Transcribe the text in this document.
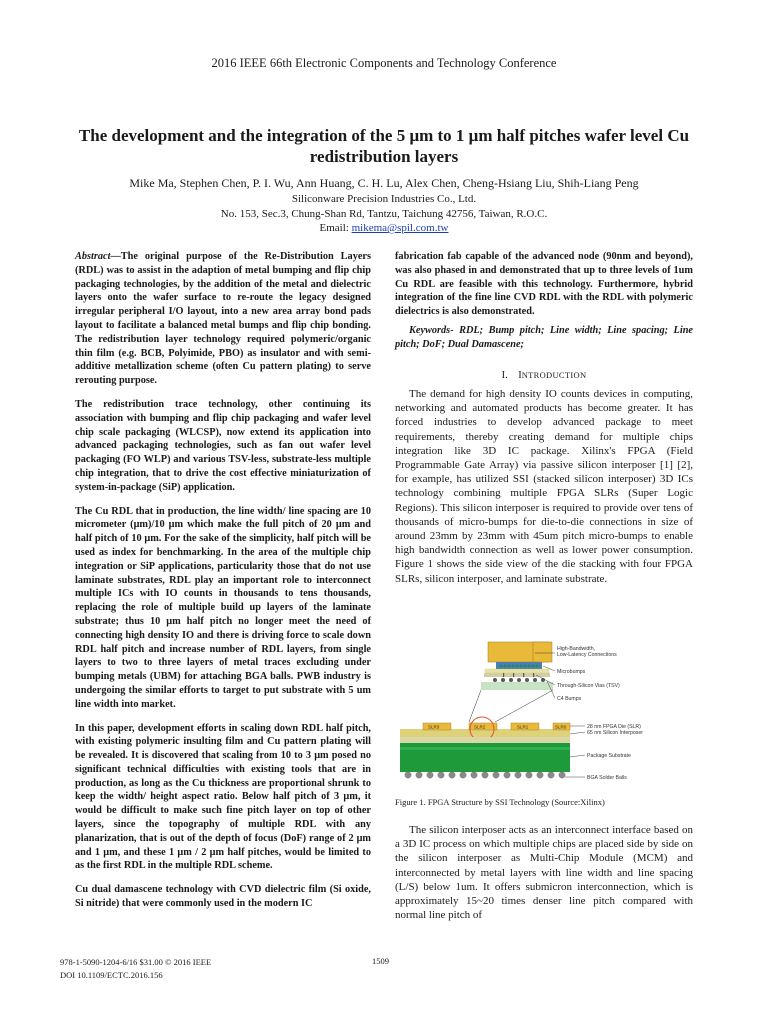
2016 IEEE 66th Electronic Components and Technology Conference
The development and the integration of the 5 μm to 1 μm half pitches wafer level Cu
redistribution layers
Mike Ma, Stephen Chen, P. I. Wu, Ann Huang, C. H. Lu, Alex Chen, Cheng-Hsiang Liu, Shih-Liang Peng
Siliconware Precision Industries Co., Ltd.
No. 153, Sec.3, Chung-Shan Rd, Tantzu, Taichung 42756, Taiwan, R.O.C.
Email: mikema@spil.com.tw

Abstract—The original purpose of the Re-Distribution Layers (RDL) was to assist in the adaption of metal bumping and flip chip packaging technologies, by the addition of the metal and dielectric layers onto the wafer surface to re-route the legacy designed irregular peripheral I/O layout, into a new area array bond pads layout to facilitate a balanced metal bumps and flip chip bonding. The redistribution layer technology required polymeric/organic thin film (e.g. BCB, Polyimide, PBO) as insulator and with semi-additive metallization scheme (often Cu pattern plating) to serve rerouting purpose.

The redistribution trace technology, other continuing its association with bumping and flip chip packaging and wafer level chip scale packaging (WLCSP), now extend its application into advanced packaging technologies, such as fan out wafer level packaging (FO WLP) and various TSV-less, substrate-less multiple chip integration, that to drive the cost effective miniaturization of system-in-package (SiP) application.

The Cu RDL that in production, the line width/ line spacing are 10 micrometer (μm)/10 μm which make the full pitch of 20 μm and half pitch of 10 μm. For the sake of the simplicity, half pitch will be used as index for benchmarking. In the area of the multiple chip integration or SiP applications, particularity those that do not use laminate substrates, RDL play an important role to interconnect multiple ICs with IO counts in thousands to tens thousands, replacing the role of multiple build up layers of the laminate substrate; thus 10 μm half pitch no longer meet the need of connecting high density IO and there is driving force to scale down RDL half pitch and increase number of RDL layers, from single layers to two to three layers of metal traces excluding under bumping metals (UBM) for attaching BGA balls. PWB industry is undergoing the similar efforts to target to put substrate with 5 um line width into market.

In this paper, development efforts in scaling down RDL half pitch, with existing polymeric insulting film and Cu pattern plating will be revealed. It is discovered that scaling from 10 to 3 μm posed no significant technical difficulties with existing tools that are in production, as long as the Cu thickness are proportional shrunk to keep the width/ height aspect ratio. Below half pitch of 3 μm, it would be difficult to make such fine pitch layer on top of other layers, since the topography of multiple RDL with any planarization, that is out of the depth of focus (DoF) range of 2 μm and 1 μm, and these 1 μm / 2 μm half pitches, would be limited to as the first RDL in the multiple RDL scheme.

Cu dual damascene technology with CVD dielectric film (Si oxide, Si nitride) that were commonly used in the modern IC

fabrication fab capable of the advanced node (90nm and beyond), was also phased in and demonstrated that up to three levels of 1um Cu RDL are feasible with this technology. Furthermore, hybrid integration of the fine line CVD RDL with the RDL with polymeric dielectrics is also demonstrated.

Keywords- RDL; Bump pitch; Line width; Line spacing; Line pitch; DoF; Dual Damascene;
I. INTRODUCTION
The demand for high density IO counts devices in computing, networking and automated products has become greater. It has forced industries to develop advanced package to meet requirements, thereby creating demand for multiple chips integration like 3D IC package. Xilinx's FPGA (Field Programmable Gate Array) via passive silicon interposer [1] [2], for example, has utilized SSI (stacked silicon interposer) 3D ICs technology combining multiple FPGA SLRs (Super Logic Regions). This silicon interposer is required to provide over tens of thousands of micro-bumps for die-to-die connections in size of around 23mm by 23mm with 45um pitch micro-bumps to enable high bandwidth connection as well as lower power consumption. Figure 1 shows the side view of the die stacking with four FPGA SLRs, silicon interposer, and laminate substrate.
SLR3	SLR2	SLR1	SLR0
High-Bandwidth,
Low-Latency Connections
Microbumps
Through-Silicon Vias (TSV)
C4 Bumps
28 nm FPGA Die (SLR)
65 nm Silicon Interposer
Package Substrate
BGA Solder Balls
Figure 1. FPGA Structure by SSI Technology (Source:Xilinx)
The silicon interposer acts as an interconnect interface based on a 3D IC process on which multiple chips are placed side by side on the silicon interposer as Multi-Chip Module (MCM) and interconnected by metal layers with line width and line spacing (L/S) below 1um. It offers submicron interconnection, which is approximately 15~20 times denser line pitch compared with normal line pitch of
978-1-5090-1204-6/16 $31.00 © 2016 IEEE
DOI 10.1109/ECTC.2016.156
1509
